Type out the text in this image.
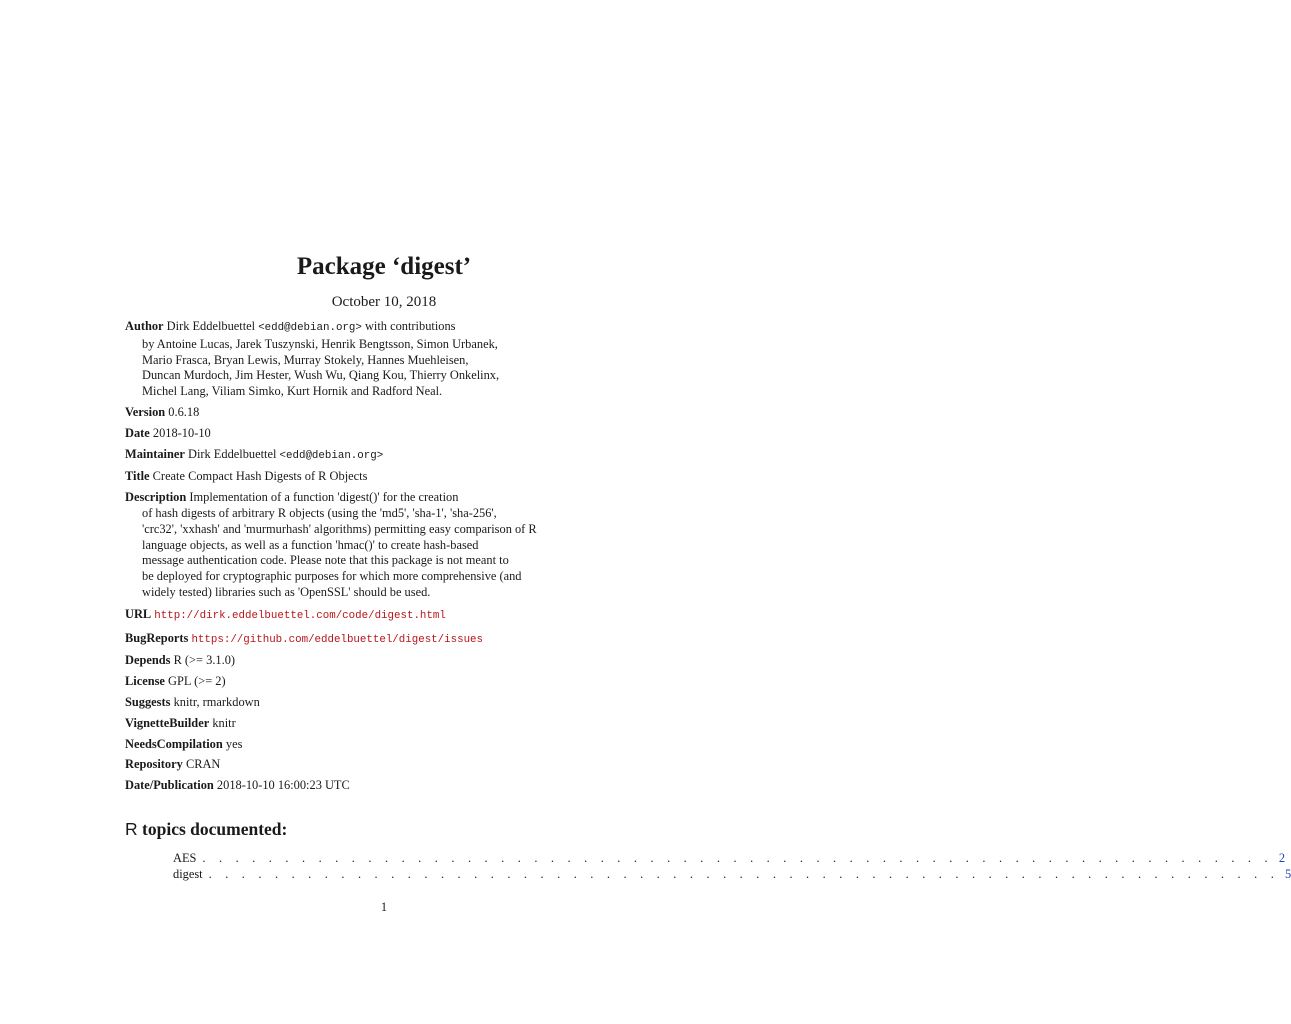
Package ‘digest’
October 10, 2018
Author Dirk Eddelbuettel <edd@debian.org> with contributions
by Antoine Lucas, Jarek Tuszynski, Henrik Bengtsson, Simon Urbanek,
Mario Frasca, Bryan Lewis, Murray Stokely, Hannes Muehleisen,
Duncan Murdoch, Jim Hester, Wush Wu, Qiang Kou, Thierry Onkelinx,
Michel Lang, Viliam Simko, Kurt Hornik and Radford Neal.
Version 0.6.18
Date 2018-10-10
Maintainer Dirk Eddelbuettel <edd@debian.org>
Title Create Compact Hash Digests of R Objects
Description Implementation of a function 'digest()' for the creation
of hash digests of arbitrary R objects (using the 'md5', 'sha-1', 'sha-256',
'crc32', 'xxhash' and 'murmurhash' algorithms) permitting easy comparison of R
language objects, as well as a function 'hmac()' to create hash-based
message authentication code. Please note that this package is not meant to
be deployed for cryptographic purposes for which more comprehensive (and
widely tested) libraries such as 'OpenSSL' should be used.
URL http://dirk.eddelbuettel.com/code/digest.html
BugReports https://github.com/eddelbuettel/digest/issues
Depends R (>= 3.1.0)
License GPL (>= 2)
Suggests knitr, rmarkdown
VignetteBuilder knitr
NeedsCompilation yes
Repository CRAN
Date/Publication 2018-10-10 16:00:23 UTC
R topics documented:
AES . . . . . . . . . . . . . . . . . . . . . . . . . . . . . . . . . . . . . . . . . . . . . . . . . . . . . . . . . . . . . . . . . 2
digest . . . . . . . . . . . . . . . . . . . . . . . . . . . . . . . . . . . . . . . . . . . . . . . . . . . . . . . . . . . . . . . . . 5
1
